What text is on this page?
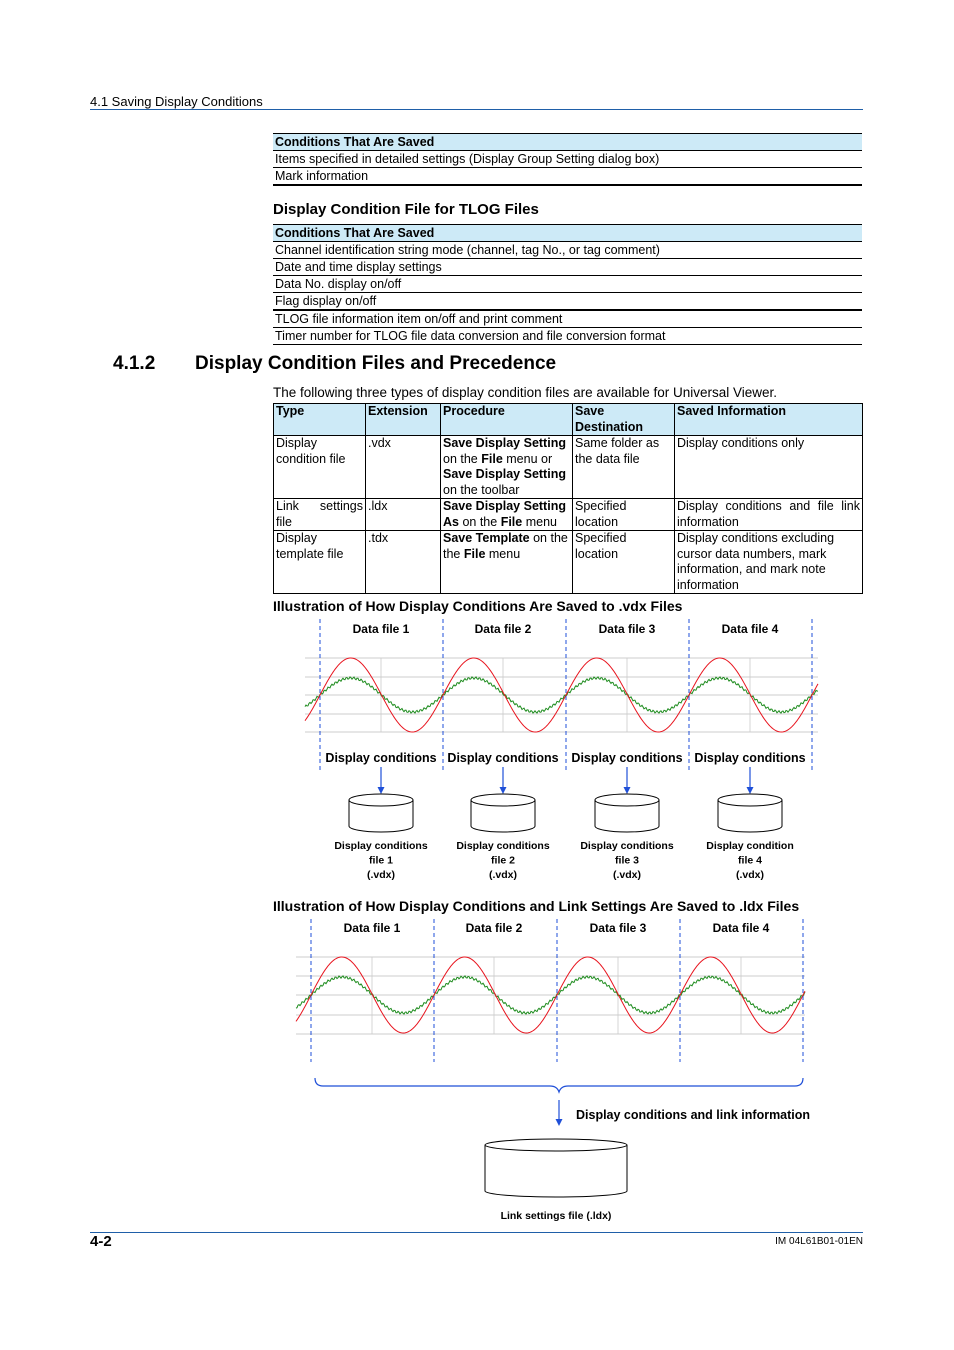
4.1 Saving Display Conditions
Conditions That Are Saved
Items specified in detailed settings (Display Group Setting dialog box)
Mark information
Display Condition File for TLOG Files
Conditions That Are Saved
Channel identification string mode (channel, tag No., or tag comment)
Date and time display settings
Data No. display on/off
Flag display on/off
TLOG file information item on/off and print comment
Timer number for TLOG file data conversion and file conversion format
4.1.2 Display Condition Files and Precedence
The following three types of display condition files are available for Universal Viewer.
Type	Extension	Procedure	Save Destination	Saved Information
Display condition file	.vdx	Save Display Setting
on the File menu or
Save Display Setting
on the toolbar	Same folder as the data file	Display conditions only
Link settings file	.ldx	Save Display Setting As on the File menu	Specified location	Display conditions and file link information
Display template file	.tdx	Save Template on the
the File menu	Specified location	Display conditions excluding cursor data numbers, mark information, and mark note information
Illustration of How Display Conditions Are Saved to .vdx Files
Illustration of How Display Conditions and Link Settings Are Saved to .ldx Files
Data file 1	Data file 2	Data file 3	Data file 4
Display conditions
Display conditions
file 1
(.vdx)
Display conditions
Display conditions
file 2
(.vdx)
Display conditions
Display conditions
file 3
(.vdx)
Display conditions
Display condition
file 4
(.vdx)
Data file 1	Data file 2	Data file 3	Data file 4
Display conditions and link information
Link settings file (.ldx)
4-2	IM 04L61B01-01EN
